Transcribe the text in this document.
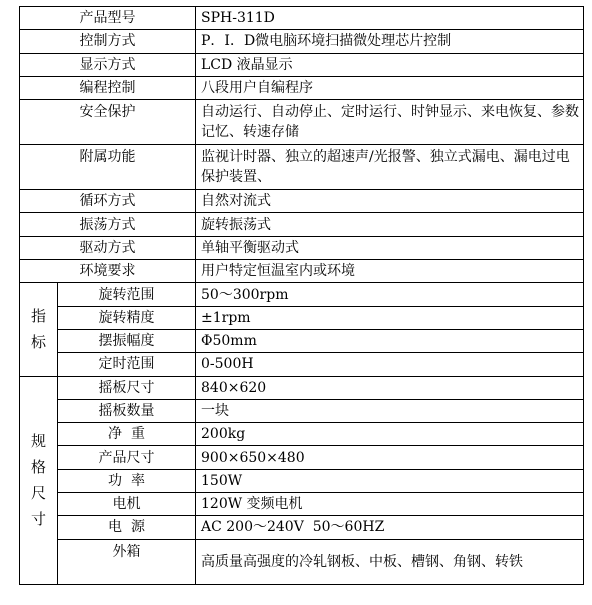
产品型号		SPH-311D
控制方式		P．I．D微电脑环境扫描微处理芯片控制
显示方式		LCD 液晶显示
编程控制		八段用户自编程序
安全保护		自动运行、自动停止、定时运行、时钟显示、来电恢复、参数记忆、转速存储
附属功能		监视计时器、独立的超速声/光报警、独立式漏电、漏电过电保护装置、
循环方式		自然对流式
振荡方式		旋转振荡式
驱动方式		单轴平衡驱动式
环境要求		用户特定恒温室内或环境
指标	旋转范围	50～300rpm
	旋转精度	±1rpm
	摆振幅度	Φ50mm
	定时范围	0-500H
规格尺寸	摇板尺寸	840×620
	摇板数量	一块
	净  重	200kg
	产品尺寸	900×650×480
	功  率	150W
	电机	120W 变频电机
	电  源	AC 200～240V  50～60HZ
	外箱	高质量高强度的冷轧钢板、中板、槽钢、角钢、转铁
